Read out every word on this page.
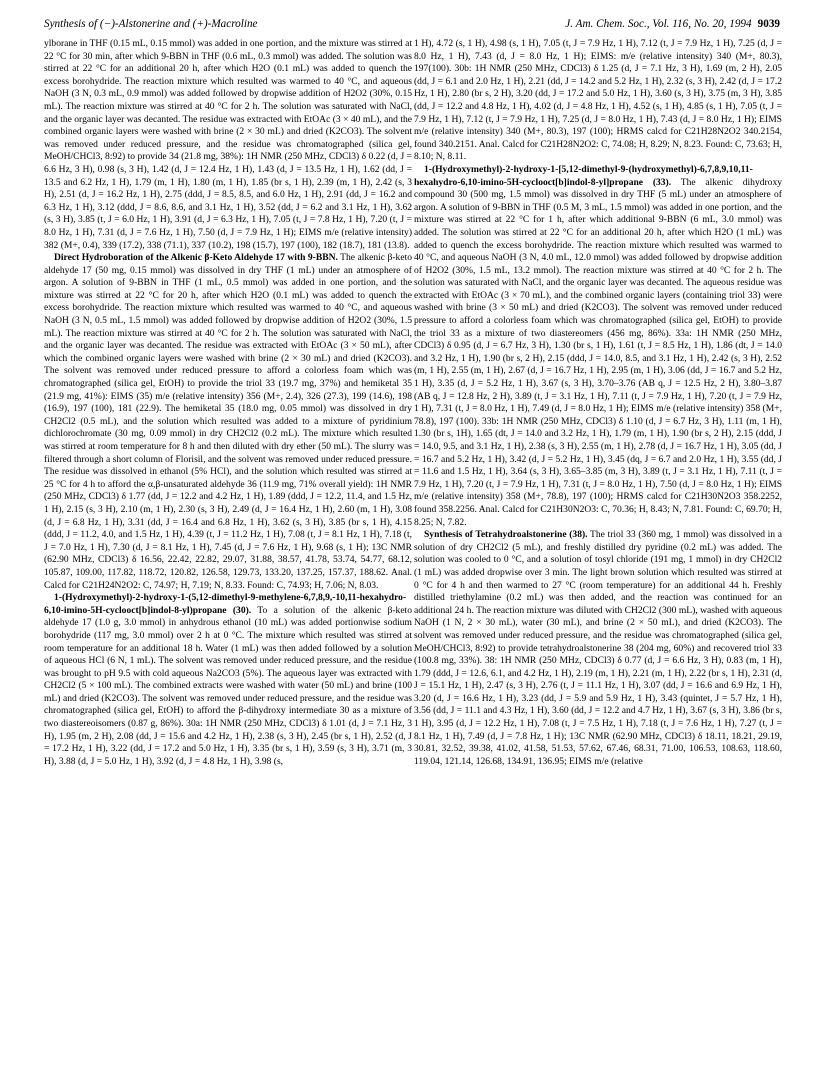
Synthesis of (−)-Alstonerine and (+)-Macroline	J. Am. Chem. Soc., Vol. 116, No. 20, 1994 9039

ylborane in THF (0.15 mL, 0.15 mmol) was added in one portion, and the mixture was stirred at 22 °C for 30 min, after which 9-BBN in THF (0.6 mL, 0.3 mmol) was added. The solution was stirred at 22 °C for an additional 20 h, after which H2O (0.1 mL) was added to quench the excess borohydride. The reaction mixture which resulted was warmed to 40 °C, and aqueous NaOH (3 N, 0.3 mL, 0.9 mmol) was added followed by dropwise addition of H2O2 (30%, 0.15 mL). The reaction mixture was stirred at 40 °C for 2 h. The solution was saturated with NaCl, and the organic layer was decanted. The residue was extracted with EtOAc (3 × 40 mL), and the combined organic layers were washed with brine (2 × 30 mL) and dried (K2CO3). The solvent was removed under reduced pressure, and the residue was chromatographed (silica gel, MeOH/CHCl3, 8:92) to provide 34 (21.8 mg, 38%): 1H NMR (250 MHz, CDCl3) δ 0.22 (d, J = 6.6 Hz, 3 H), 0.98 (s, 3 H), 1.42 (d, J = 12.4 Hz, 1 H), 1.43 (d, J = 13.5 Hz, 1 H), 1.62 (dd, J = 13.5 and 6.2 Hz, 1 H), 1.79 (m, 1 H), 1.80 (m, 1 H), 1.85 (br s, 1 H), 2.39 (m, 1 H), 2.42 (s, 3 H), 2.51 (d, J = 16.2 Hz, 1 H), 2.75 (ddd, J = 8.5, 8.5, and 6.0 Hz, 1 H), 2.91 (dd, J = 16.2 and 6.3 Hz, 1 H), 3.12 (ddd, J = 8.6, 8.6, and 3.1 Hz, 1 H), 3.52 (dd, J = 6.2 and 3.1 Hz, 1 H), 3.62 (s, 3 H), 3.85 (t, J = 6.0 Hz, 1 H), 3.91 (d, J = 6.3 Hz, 1 H), 7.05 (t, J = 7.8 Hz, 1 H), 7.20 (t, J = 8.0 Hz, 1 H), 7.31 (d, J = 7.6 Hz, 1 H), 7.50 (d, J = 7.9 Hz, 1 H); EIMS m/e (relative intensity) 382 (M+, 0.4), 339 (17.2), 338 (71.1), 337 (10.2), 198 (15.7), 197 (100), 182 (18.7), 181 (13.8).

Direct Hydroboration of the Alkenic β-Keto Aldehyde 17 with 9-BBN. The alkenic β-keto aldehyde 17 (50 mg, 0.15 mmol) was dissolved in dry THF (1 mL) under an atmosphere of argon. A solution of 9-BBN in THF (1 mL, 0.5 mmol) was added in one portion, and the mixture was stirred at 22 °C for 20 h, after which H2O (0.1 mL) was added to quench the excess borohydride. The reaction mixture which resulted was warmed to 40 °C, and aqueous NaOH (3 N, 0.5 mL, 1.5 mmol) was added followed by dropwise addition of H2O2 (30%, 1.5 mL). The reaction mixture was stirred at 40 °C for 2 h. The solution was saturated with NaCl, and the organic layer was decanted. The residue was extracted with EtOAc (3 × 50 mL), after which the combined organic layers were washed with brine (2 × 30 mL) and dried (K2CO3). The solvent was removed under reduced pressure to afford a colorless foam which was chromatographed (silica gel, EtOH) to provide the triol 33 (19.7 mg, 37%) and hemiketal 35 (21.9 mg, 41%): EIMS (35) m/e (relative intensity) 356 (M+, 2.4), 326 (27.3), 199 (14.6), 198 (16.9), 197 (100), 181 (22.9). The hemiketal 35 (18.0 mg, 0.05 mmol) was dissolved in dry CH2Cl2 (0.5 mL), and the solution which resulted was added to a mixture of pyridinium dichlorochromate (30 mg, 0.09 mmol) in dry CH2Cl2 (0.2 mL). The mixture which resulted was stirred at room temperature for 8 h and then diluted with dry ether (50 mL). The slurry was filtered through a short column of Florisil, and the solvent was removed under reduced pressure. The residue was dissolved in ethanol (5% HCl), and the solution which resulted was stirred at 25 °C for 4 h to afford the α,β-unsaturated aldehyde 36 (11.9 mg, 71% overall yield): 1H NMR (250 MHz, CDCl3) δ 1.77 (dd, J = 12.2 and 4.2 Hz, 1 H), 1.89 (ddd, J = 12.2, 11.4, and 1.5 Hz, 1 H), 2.15 (s, 3 H), 2.10 (m, 1 H), 2.30 (s, 3 H), 2.49 (d, J = 16.4 Hz, 1 H), 2.60 (m, 1 H), 3.08 (d, J = 6.8 Hz, 1 H), 3.31 (dd, J = 16.4 and 6.8 Hz, 1 H), 3.62 (s, 3 H), 3.85 (br s, 1 H), 4.15 (ddd, J = 11.2, 4.0, and 1.5 Hz, 1 H), 4.39 (t, J = 11.2 Hz, 1 H), 7.08 (t, J = 8.1 Hz, 1 H), 7.18 (t, J = 7.0 Hz, 1 H), 7.30 (d, J = 8.1 Hz, 1 H), 7.45 (d, J = 7.6 Hz, 1 H), 9.68 (s, 1 H); 13C NMR (62.90 MHz, CDCl3) δ 16.56, 22.42, 22.82, 29.07, 31.88, 38.57, 41.78, 53.74, 54.77, 68.12, 105.87, 109.00, 117.82, 118.72, 120.82, 126.58, 129.73, 133.20, 137.25, 157.37, 188.62. Anal. Calcd for C21H24N2O2: C, 74.97; H, 7.19; N, 8.33. Found: C, 74.93; H, 7.06; N, 8.03.

1-(Hydroxymethyl)-2-hydroxy-1-(5,12-dimethyl-9-methylene-6,7,8,9,-10,11-hexahydro-6,10-imino-5H-cyclooct[b]indol-8-yl)propane (30). To a solution of the alkenic β-keto aldehyde 17 (1.0 g, 3.0 mmol) in anhydrous ethanol (10 mL) was added portionwise sodium borohydride (117 mg, 3.0 mmol) over 2 h at 0 °C. The mixture which resulted was stirred at room temperature for an additional 18 h. Water (1 mL) was then added followed by a solution of aqueous HCl (6 N, 1 mL). The solvent was removed under reduced pressure, and the residue was brought to pH 9.5 with cold aqueous Na2CO3 (5%). The aqueous layer was extracted with CH2Cl2 (5 × 100 mL). The combined extracts were washed with water (50 mL) and brine (100 mL) and dried (K2CO3). The solvent was removed under reduced pressure, and the residue was chromatographed (silica gel, EtOH) to afford the β-dihydroxy intermediate 30 as a mixture of two diastereoisomers (0.87 g, 86%). 30a: 1H NMR (250 MHz, CDCl3) δ 1.01 (d, J = 7.1 Hz, 3 H), 1.95 (m, 2 H), 2.08 (dd, J = 15.6 and 4.2 Hz, 1 H), 2.38 (s, 3 H), 2.45 (br s, 1 H), 2.52 (d, J = 17.2 Hz, 1 H), 3.22 (dd, J = 17.2 and 5.0 Hz, 1 H), 3.35 (br s, 1 H), 3.59 (s, 3 H), 3.71 (m, 3 H), 3.88 (d, J = 5.0 Hz, 1 H), 3.92 (d, J = 4.8 Hz, 1 H), 3.98 (s,

1 H), 4.72 (s, 1 H), 4.98 (s, 1 H), 7.05 (t, J = 7.9 Hz, 1 H), 7.12 (t, J = 7.9 Hz, 1 H), 7.25 (d, J = 8.0 Hz, 1 H), 7.43 (d, J = 8.0 Hz, 1 H); EIMS: m/e (relative intensity) 340 (M+, 80.3), 197(100). 30b: 1H NMR (250 MHz, CDCl3) δ 1.25 (d, J = 7.1 Hz, 3 H), 1.69 (m, 2 H), 2.05 (dd, J = 6.1 and 2.0 Hz, 1 H), 2.21 (dd, J = 14.2 and 5.2 Hz, 1 H), 2.32 (s, 3 H), 2.42 (d, J = 17.2 Hz, 1 H), 2.80 (br s, 2 H), 3.20 (dd, J = 17.2 and 5.0 Hz, 1 H), 3.60 (s, 3 H), 3.75 (m, 3 H), 3.85 (dd, J = 12.2 and 4.8 Hz, 1 H), 4.02 (d, J = 4.8 Hz, 1 H), 4.52 (s, 1 H), 4.85 (s, 1 H), 7.05 (t, J = 7.9 Hz, 1 H), 7.12 (t, J = 7.9 Hz, 1 H), 7.25 (d, J = 8.0 Hz, 1 H), 7.43 (d, J = 8.0 Hz, 1 H); EIMS m/e (relative intensity) 340 (M+, 80.3), 197 (100); HRMS calcd for C21H28N2O2 340.2154, found 340.2151. Anal. Calcd for C21H28N2O2: C, 74.08; H, 8.29; N, 8.23. Found: C, 73.63; H, 8.10; N, 8.11.

1-(Hydroxymethyl)-2-hydroxy-1-[5,12-dimethyl-9-(hydroxymethyl)-6,7,8,9,10,11-hexahydro-6,10-imino-5H-cyclooct[b]indol-8-yl]propane (33). The alkenic dihydroxy compound 30 (500 mg, 1.5 mmol) was dissolved in dry THF (5 mL) under an atmosphere of argon. A solution of 9-BBN in THF (0.5 M, 3 mL, 1.5 mmol) was added in one portion, and the mixture was stirred at 22 °C for 1 h, after which additional 9-BBN (6 mL, 3.0 mmol) was added. The solution was stirred at 22 °C for an additional 20 h, after which H2O (1 mL) was added to quench the excess borohydride. The reaction mixture which resulted was warmed to 40 °C, and aqueous NaOH (3 N, 4.0 mL, 12.0 mmol) was added followed by dropwise addition of H2O2 (30%, 1.5 mL, 13.2 mmol). The reaction mixture was stirred at 40 °C for 2 h. The solution was saturated with NaCl, and the organic layer was decanted. The aqueous residue was extracted with EtOAc (3 × 70 mL), and the combined organic layers (containing triol 33) were washed with brine (3 × 50 mL) and dried (K2CO3). The solvent was removed under reduced pressure to afford a colorless foam which was chromatographed (silica gel, EtOH) to provide the triol 33 as a mixture of two diastereomers (456 mg, 86%). 33a: 1H NMR (250 MHz, CDCl3) δ 0.95 (d, J = 6.7 Hz, 3 H), 1.30 (br s, 1 H), 1.61 (t, J = 8.5 Hz, 1 H), 1.86 (dt, J = 14.0 and 3.2 Hz, 1 H), 1.90 (br s, 2 H), 2.15 (ddd, J = 14.0, 8.5, and 3.1 Hz, 1 H), 2.42 (s, 3 H), 2.52 (m, 1 H), 2.55 (m, 1 H), 2.67 (d, J = 16.7 Hz, 1 H), 2.95 (m, 1 H), 3.06 (dd, J = 16.7 and 5.2 Hz, 1 H), 3.35 (d, J = 5.2 Hz, 1 H), 3.67 (s, 3 H), 3.70–3.76 (AB q, J = 12.5 Hz, 2 H), 3.80–3.87 (AB q, J = 12.8 Hz, 2 H), 3.89 (t, J = 3.1 Hz, 1 H), 7.11 (t, J = 7.9 Hz, 1 H), 7.20 (t, J = 7.9 Hz, 1 H), 7.31 (t, J = 8.0 Hz, 1 H), 7.49 (d, J = 8.0 Hz, 1 H); EIMS m/e (relative intensity) 358 (M+, 78.8), 197 (100). 33b: 1H NMR (250 MHz, CDCl3) δ 1.10 (d, J = 6.7 Hz, 3 H), 1.11 (m, 1 H), 1.30 (br s, 1H), 1.65 (dt, J = 14.0 and 3.2 Hz, 1 H), 1.79 (m, 1 H), 1.90 (br s, 2 H), 2.15 (ddd, J = 14.0, 9.5, and 3.1 Hz, 1 H), 2.38 (s, 3 H), 2.55 (m, 1 H), 2.78 (d, J = 16.7 Hz, 1 H), 3.05 (dd, J = 16.7 and 5.2 Hz, 1 H), 3.42 (d, J = 5.2 Hz, 1 H), 3.45 (dq, J = 6.7 and 2.0 Hz, 1 H), 3.55 (dd, J = 11.6 and 1.5 Hz, 1 H), 3.64 (s, 3 H), 3.65–3.85 (m, 3 H), 3.89 (t, J = 3.1 Hz, 1 H), 7.11 (t, J = 7.9 Hz, 1 H), 7.20 (t, J = 7.9 Hz, 1 H), 7.31 (t, J = 8.0 Hz, 1 H), 7.50 (d, J = 8.0 Hz, 1 H); EIMS m/e (relative intensity) 358 (M+, 78.8), 197 (100); HRMS calcd for C21H30N2O3 358.2252, found 358.2256. Anal. Calcd for C21H30N2O3: C, 70.36; H, 8.43; N, 7.81. Found: C, 69.70; H, 8.25; N, 7.82.

Synthesis of Tetrahydroalstonerine (38). The triol 33 (360 mg, 1 mmol) was dissolved in a solution of dry CH2Cl2 (5 mL), and freshly distilled dry pyridine (0.2 mL) was added. The solution was cooled to 0 °C, and a solution of tosyl chloride (191 mg, 1 mmol) in dry CH2Cl2 (1 mL) was added dropwise over 3 min. The light brown solution which resulted was stirred at 0 °C for 4 h and then warmed to 27 °C (room temperature) for an additional 44 h. Freshly distilled triethylamine (0.2 mL) was then added, and the reaction was continued for an additional 24 h. The reaction mixture was diluted with CH2Cl2 (300 mL), washed with aqueous NaOH (1 N, 2 × 30 mL), water (30 mL), and brine (2 × 50 mL), and dried (K2CO3). The solvent was removed under reduced pressure, and the residue was chromatographed (silica gel, MeOH/CHCl3, 8:92) to provide tetrahydroalstonerine 38 (204 mg, 60%) and recovered triol 33 (100.8 mg, 33%). 38: 1H NMR (250 MHz, CDCl3) δ 0.77 (d, J = 6.6 Hz, 3 H), 0.83 (m, 1 H), 1.79 (ddd, J = 12.6, 6.1, and 4.2 Hz, 1 H), 2.19 (m, 1 H), 2.21 (m, 1 H), 2.22 (br s, 1 H), 2.31 (d, J = 15.1 Hz, 1 H), 2.47 (s, 3 H), 2.76 (t, J = 11.1 Hz, 1 H), 3.07 (dd, J = 16.6 and 6.9 Hz, 1 H), 3.20 (d, J = 16.6 Hz, 1 H), 3.23 (dd, J = 5.9 and 5.9 Hz, 1 H), 3.43 (quintet, J = 5.7 Hz, 1 H), 3.56 (dd, J = 11.1 and 4.3 Hz, 1 H), 3.60 (dd, J = 12.2 and 4.7 Hz, 1 H), 3.67 (s, 3 H), 3.86 (br s, 1 H), 3.95 (d, J = 12.2 Hz, 1 H), 7.08 (t, J = 7.5 Hz, 1 H), 7.18 (t, J = 7.6 Hz, 1 H), 7.27 (t, J = 8.1 Hz, 1 H), 7.49 (d, J = 7.8 Hz, 1 H); 13C NMR (62.90 MHz, CDCl3) δ 18.11, 18.21, 29.19, 30.81, 32.52, 39.38, 41.02, 41.58, 51.53, 57.62, 67.46, 68.31, 71.00, 106.53, 108.63, 118.60, 119.04, 121.14, 126.68, 134.91, 136.95; EIMS m/e (relative
